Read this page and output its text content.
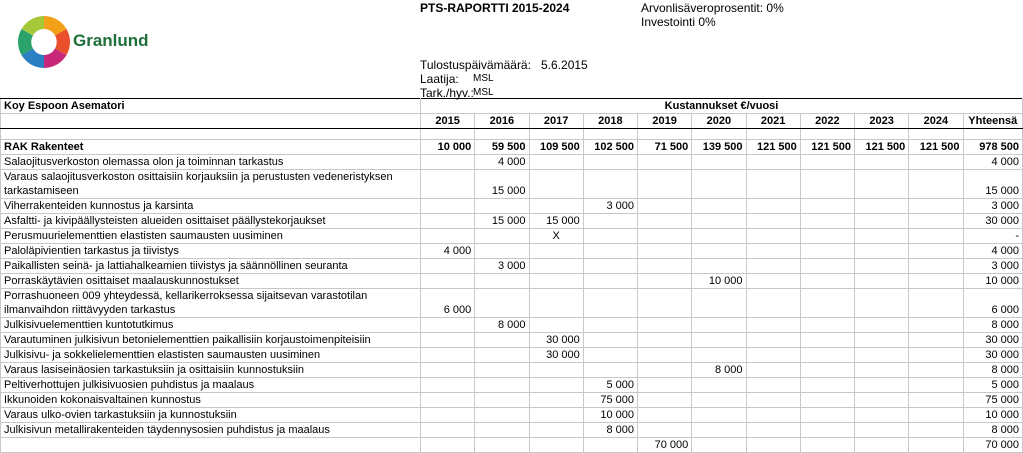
Granlund
PTS-RAPORTTI 2015-2024	Arvonlisäveroprosentit: 0%
Investointi 0%
Tulostuspäivämäärä: 5.6.2015
Laatija: MSL
Tark./hyv.: MSL
Koy Espoon Asematori	Kustannukset €/vuosi										
	2015	2016	2017	2018	2019	2020	2021	2022	2023	2024	Yhteensä

RAK Rakenteet	10 000	59 500	109 500	102 500	71 500	139 500	121 500	121 500	121 500	121 500	978 500
Salaojitusverkoston olemassa olon ja toiminnan tarkastus		4 000									4 000
Varaus salaojitusverkoston osittaisiin korjauksiin ja perustusten vedeneristyksen tarkastamiseen		15 000									15 000
Viherrakenteiden kunnostus ja karsinta				3 000							3 000
Asfaltti- ja kivipäällysteisten alueiden osittaiset päällystekorjaukset		15 000	15 000								30 000
Perusmuurielementtien elastisten saumausten uusiminen			X								-
Paloläpivientien tarkastus ja tiivistys	4 000										4 000
Paikallisten seinä- ja lattiahalkeamien tiivistys ja säännöllinen seuranta		3 000									3 000
Porraskäytävien osittaiset maalauskunnostukset						10 000					10 000
Porrashuoneen 009 yhteydessä, kellarikerroksessa sijaitsevan varastotilan ilmanvaihdon riittävyyden tarkastus	6 000										6 000
Julkisivuelementtien kuntotutkimus		8 000									8 000
Varautuminen julkisivun betonielementtien paikallisiin korjaustoimenpiteisiin			30 000								30 000
Julkisivu- ja sokkelielementtien elastisten saumausten uusiminen			30 000								30 000
Varaus lasiseinäosien tarkastuksiin ja osittaisiin kunnostuksiin						8 000					8 000
Peltiverhottujen julkisivuosien puhdistus ja maalaus				5 000							5 000
Ikkunoiden kokonaisvaltainen kunnostus				75 000							75 000
Varaus ulko-ovien tarkastuksiin ja kunnostuksiin				10 000							10 000
Julkisivun metallirakenteiden täydennysosien puhdistus ja maalaus				8 000							8 000
					70 000						70 000
